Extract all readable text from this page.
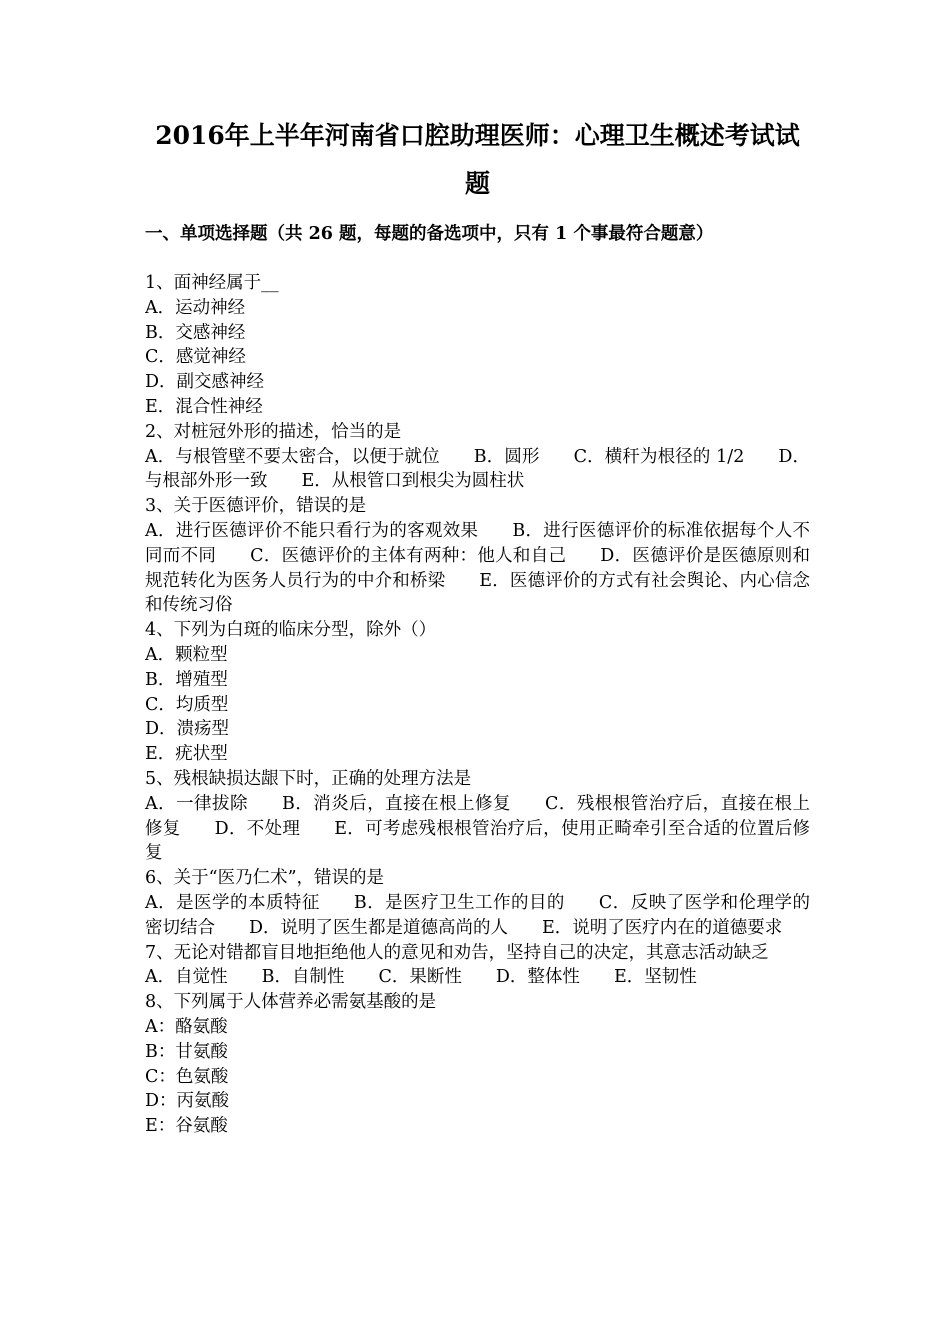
2016年上半年河南省口腔助理医师：心理卫生概述考试试题

一、单项选择题（共 26 题，每题的备选项中，只有 1 个事最符合题意）

1、面神经属于__

A．运动神经

B．交感神经

C．感觉神经

D．副交感神经

E．混合性神经

2、对桩冠外形的描述，恰当的是

A．与根管壁不要太密合，以便于就位 B．圆形 C．横秆为根径的 1/2 D．与根部外形一致 E．从根管口到根尖为圆柱状

3、关于医德评价，错误的是

A．进行医德评价不能只看行为的客观效果 B．进行医德评价的标准依据每个人不同而不同 C．医德评价的主体有两种：他人和自己 D．医德评价是医德原则和规范转化为医务人员行为的中介和桥梁 E．医德评价的方式有社会舆论、内心信念和传统习俗

4、下列为白斑的临床分型，除外（）

A．颗粒型

B．增殖型

C．均质型

D．溃疡型

E．疣状型

5、残根缺损达龈下时，正确的处理方法是

A．一律拔除 B．消炎后，直接在根上修复 C．残根根管治疗后，直接在根上修复 D．不处理 E．可考虑残根根管治疗后，使用正畸牵引至合适的位置后修复

6、关于“医乃仁术”，错误的是

A．是医学的本质特征 B．是医疗卫生工作的目的 C．反映了医学和伦理学的密切结合 D．说明了医生都是道德高尚的人 E．说明了医疗内在的道德要求

7、无论对错都盲目地拒绝他人的意见和劝告，坚持自己的决定，其意志活动缺乏

A．自觉性 B．自制性 C．果断性 D．整体性 E．坚韧性

8、下列属于人体营养必需氨基酸的是

A：酪氨酸

B：甘氨酸

C：色氨酸

D：丙氨酸

E：谷氨酸
